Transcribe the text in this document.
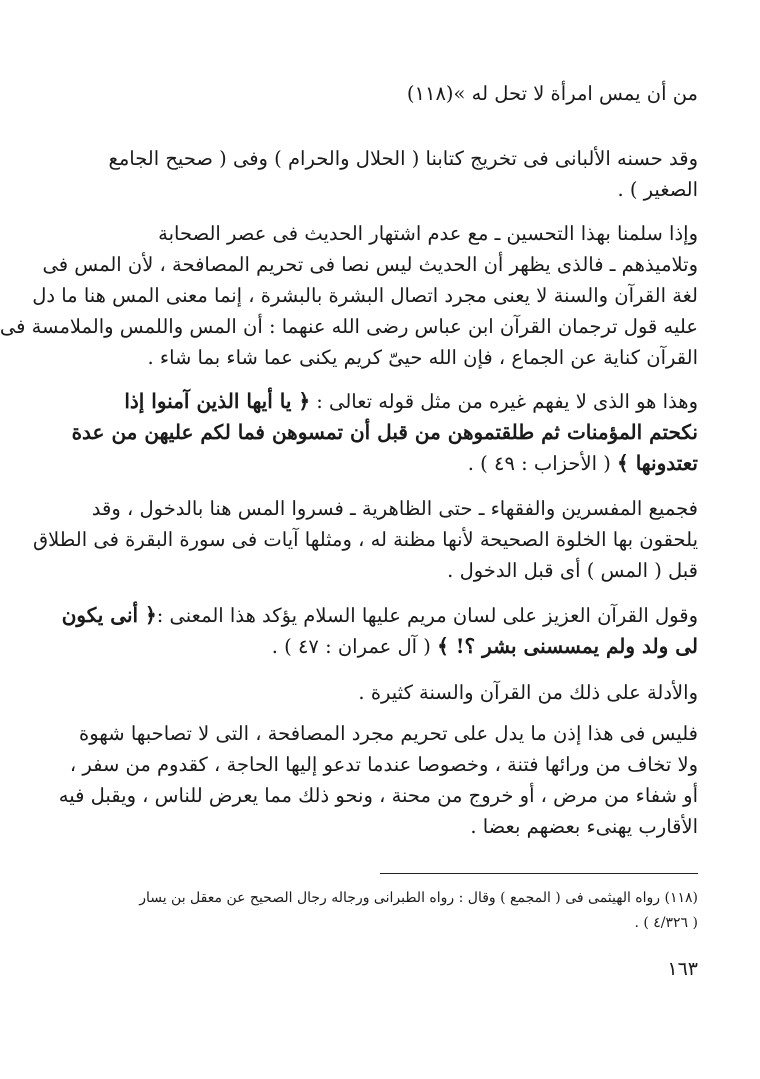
من أن يمس امرأة لا تحل له »(١١٨)
وقد حسنه الألبانى فى تخريج كتابنا ( الحلال والحرام ) وفى ( صحيح الجامع
الصغير ) .
وإذا سلمنا بهذا التحسين ـ مع عدم اشتهار الحديث فى عصر الصحابة
وتلاميذهم ـ فالذى يظهر أن الحديث ليس نصا فى تحريم المصافحة ، لأن المس فى
لغة القرآن والسنة لا يعنى مجرد اتصال البشرة بالبشرة ، إنما معنى المس هنا ما دل
عليه قول ترجمان القرآن ابن عباس رضى الله عنهما : أن المس واللمس والملامسة فى
القرآن كناية عن الجماع ، فإن الله حيىّ كريم يكنى عما شاء بما شاء .
وهذا هو الذى لا يفهم غيره من مثل قوله تعالى : ﴿ يا أيها الذين آمنوا إذا
نكحتم المؤمنات ثم طلقتموهن من قبل أن تمسوهن فما لكم عليهن من عدة
تعتدونها ﴾ ( الأحزاب : ٤٩ ) .
فجميع المفسرين والفقهاء ـ حتى الظاهرية ـ فسروا المس هنا بالدخول ، وقد
يلحقون بها الخلوة الصحيحة لأنها مظنة له ، ومثلها آيات فى سورة البقرة فى الطلاق
قبل ( المس ) أى قبل الدخول .
وقول القرآن العزيز على لسان مريم عليها السلام يؤكد هذا المعنى :﴿ أنى يكون
لى ولد ولم يمسسنى بشر ؟! ﴾ ( آل عمران : ٤٧ ) .
والأدلة على ذلك من القرآن والسنة كثيرة .
فليس فى هذا إذن ما يدل على تحريم مجرد المصافحة ، التى لا تصاحبها شهوة
ولا تخاف من ورائها فتنة ، وخصوصا عندما تدعو إليها الحاجة ، كقدوم من سفر ،
أو شفاء من مرض ، أو خروج من محنة ، ونحو ذلك مما يعرض للناس ، ويقبل فيه
الأقارب يهنىء بعضهم بعضا .
(١١٨) رواه الهيثمى فى ( المجمع ) وقال : رواه الطبرانى ورجاله رجال الصحيح عن معقل بن يسار
( ٤/٣٢٦ ) .
١٦٣
